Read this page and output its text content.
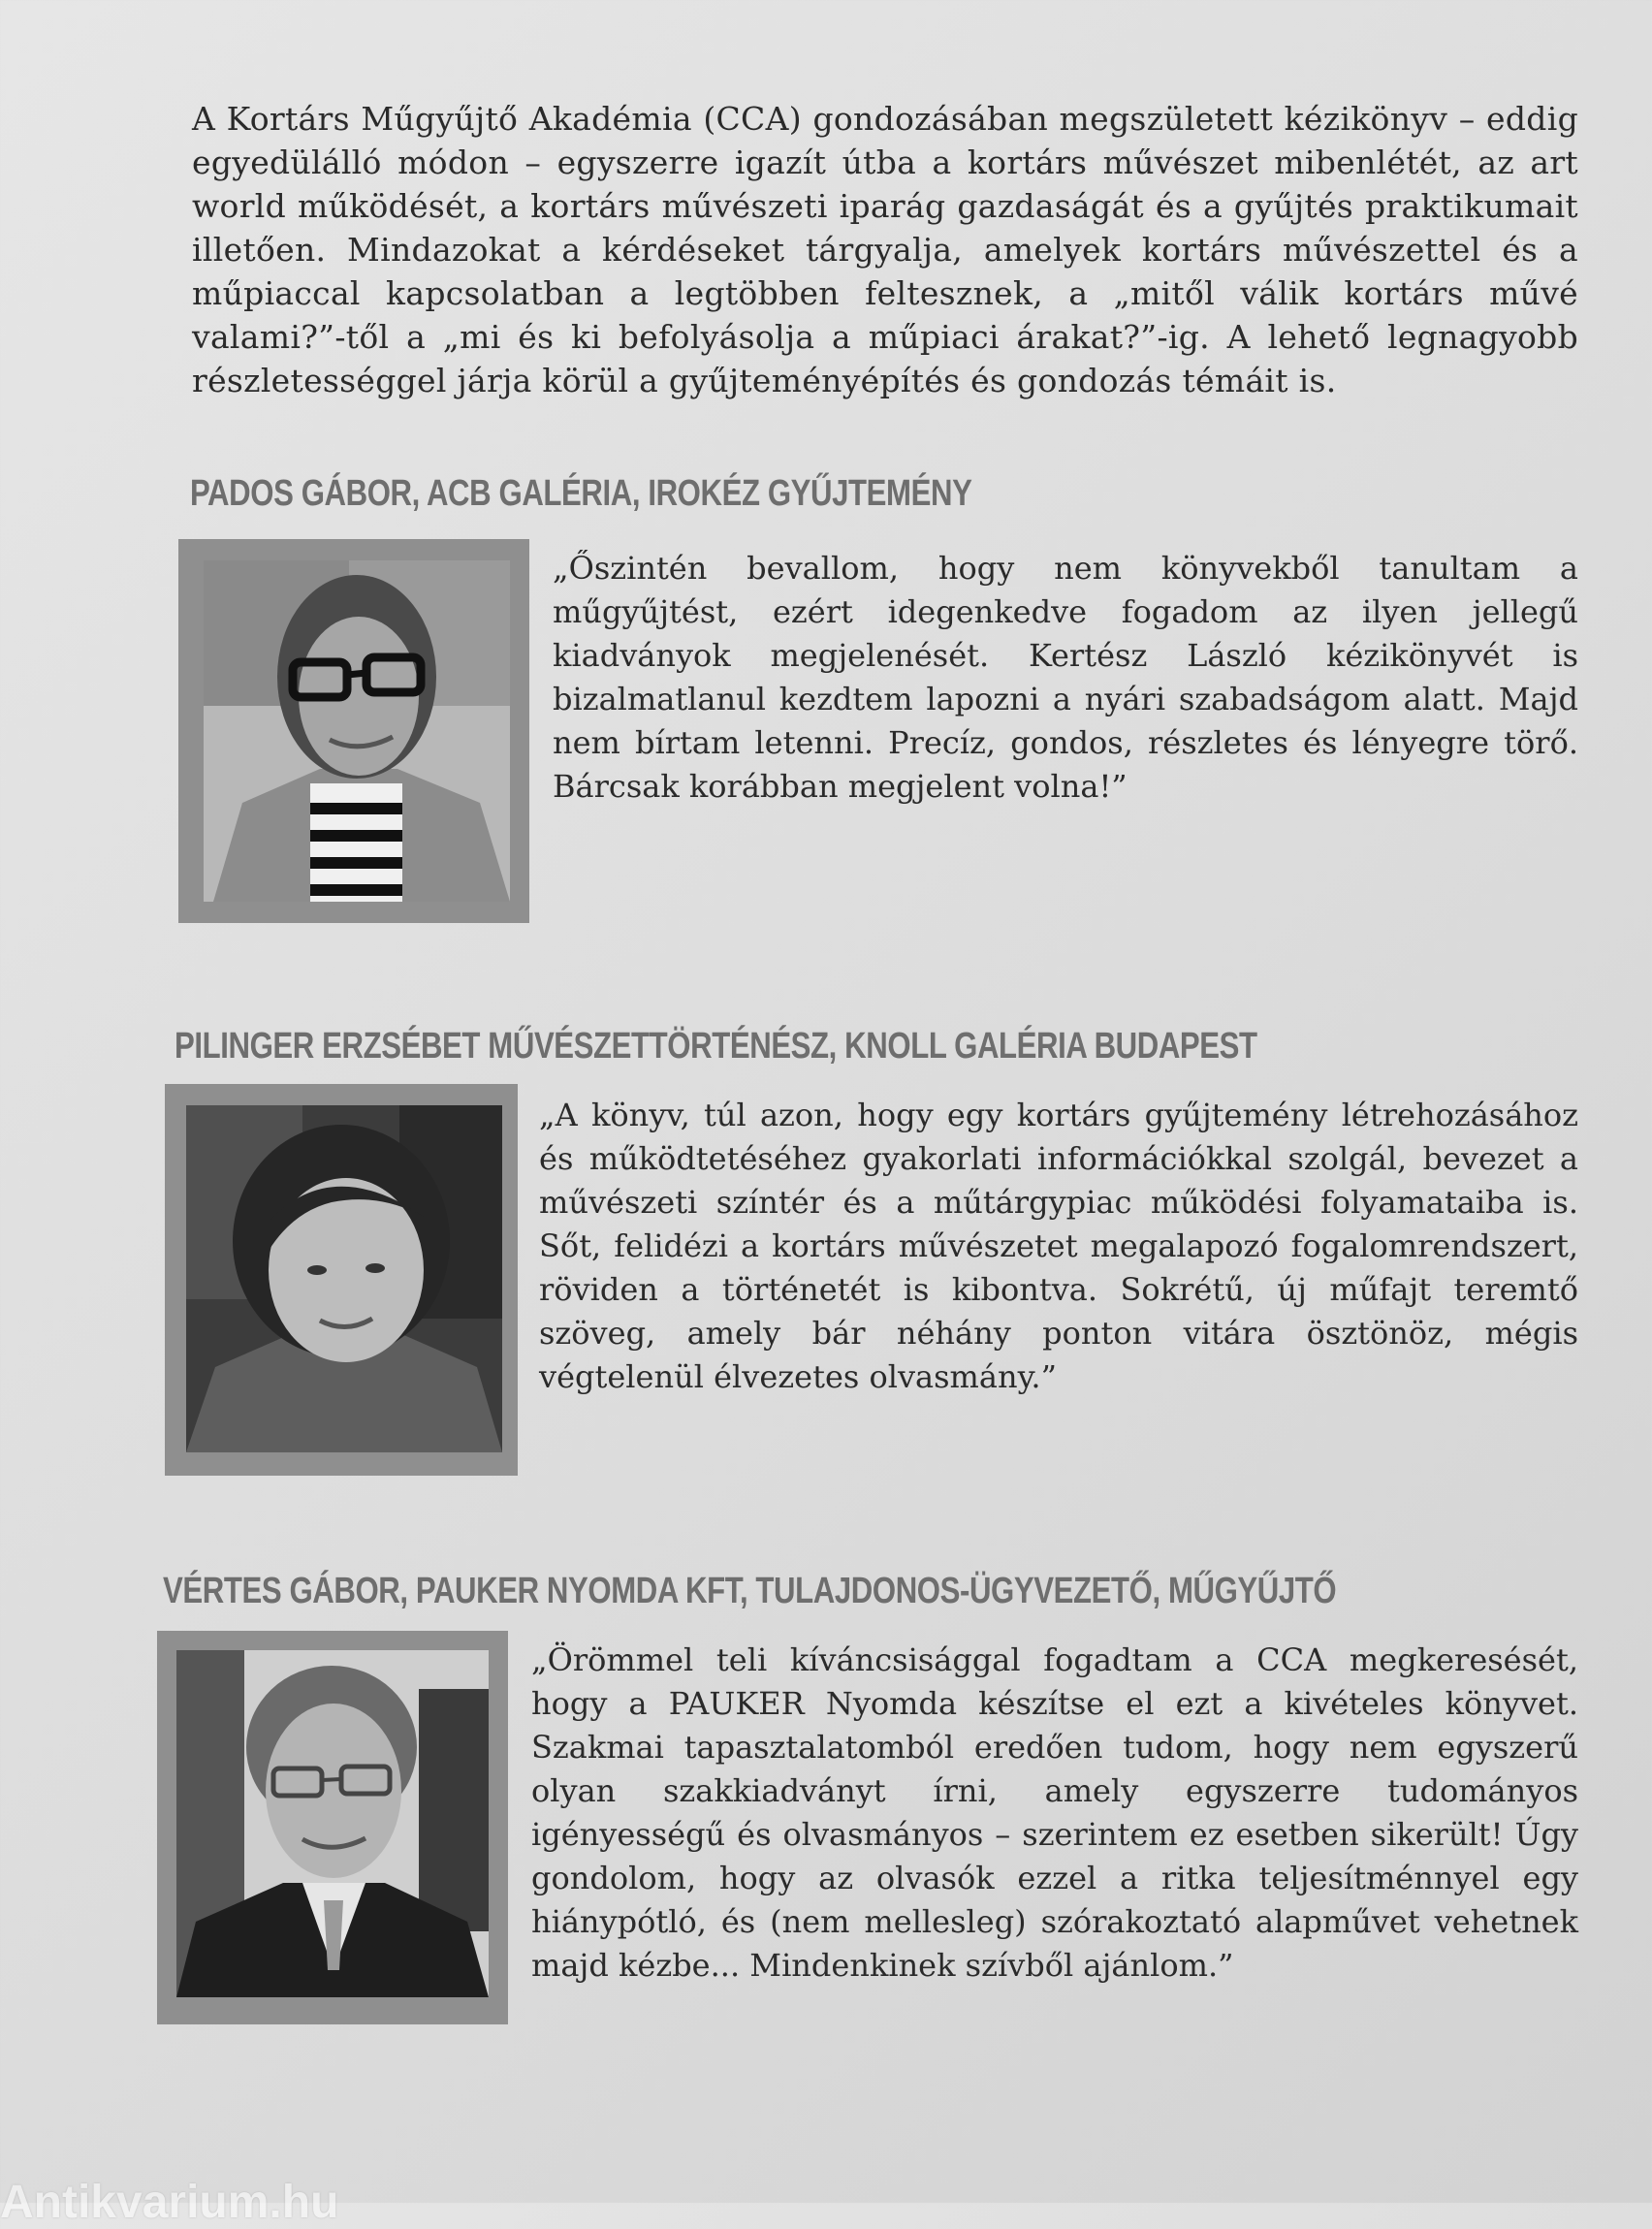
A Kortárs Műgyűjtő Akadémia (CCA) gondozásában megszületett kézikönyv – eddig egyedülálló módon – egyszerre igazít útba a kortárs művészet mibenlétét, az art world működését, a kortárs művészeti iparág gazdaságát és a gyűjtés praktikumait illetően. Mindazokat a kérdéseket tárgyalja, amelyek kortárs művészettel és a műpiaccal kapcsolatban a legtöbben feltesznek, a „mitől válik kortárs művé valami?”-től a „mi és ki befolyásolja a műpiaci árakat?”-ig. A lehető legnagyobb részletességgel járja körül a gyűjteményépítés és gondozás témáit is.
PADOS GÁBOR, ACB GALÉRIA, IROKÉZ GYŰJTEMÉNY
„Őszintén bevallom, hogy nem könyvekből tanultam a műgyűjtést, ezért idegenkedve fogadom az ilyen jellegű kiadványok megjelenését. Kertész László kézikönyvét is bizalmatlanul kezdtem lapozni a nyári szabadságom alatt. Majd nem bírtam letenni. Precíz, gondos, részletes és lényegre törő. Bárcsak korábban megjelent volna!”
PILINGER ERZSÉBET MŰVÉSZETTÖRTÉNÉSZ, KNOLL GALÉRIA BUDAPEST
„A könyv, túl azon, hogy egy kortárs gyűjtemény létrehozásához és működtetéséhez gyakorlati információkkal szolgál, bevezet a művészeti színtér és a műtárgypiac működési folyamataiba is. Sőt, felidézi a kortárs művészetet megalapozó fogalomrendszert, röviden a történetét is kibontva. Sokrétű, új műfajt teremtő szöveg, amely bár néhány ponton vitára ösztönöz, mégis végtelenül élvezetes olvasmány.”
VÉRTES GÁBOR, PAUKER NYOMDA KFT, TULAJDONOS-ÜGYVEZETŐ, MŰGYŰJTŐ
„Örömmel teli kíváncsisággal fogadtam a CCA megkeresését, hogy a PAUKER Nyomda készítse el ezt a kivételes könyvet. Szakmai tapasztalatomból eredően tudom, hogy nem egyszerű olyan szakkiadványt írni, amely egyszerre tudományos igényességű és olvasmányos – szerintem ez esetben sikerült! Úgy gondolom, hogy az olvasók ezzel a ritka teljesítménnyel egy hiánypótló, és (nem mellesleg) szórakoztató alapművet vehetnek majd kézbe... Mindenkinek szívből ajánlom.”
Antikvarium.hu
